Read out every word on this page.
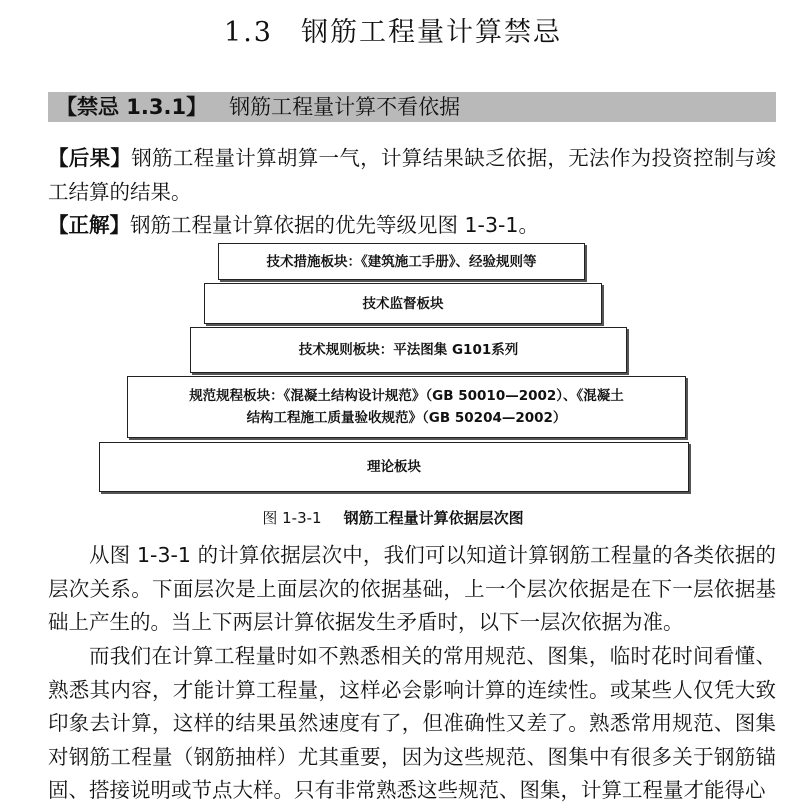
1.3 钢筋工程量计算禁忌
【禁忌 1.3.1】 钢筋工程量计算不看依据
【后果】钢筋工程量计算胡算一气，计算结果缺乏依据，无法作为投资控制与竣工结算的结果。
【正解】钢筋工程量计算依据的优先等级见图 1-3-1。
技术措施板块：《建筑施工手册》、经验规则等
技术监督板块
技术规则板块：平法图集 G101系列
规范规程板块：《混凝土结构设计规范》（GB 50010—2002）、《混凝土
结构工程施工质量验收规范》（GB 50204—2002）
理论板块
图 1-3-1 钢筋工程量计算依据层次图
从图 1-3-1 的计算依据层次中，我们可以知道计算钢筋工程量的各类依据的层次关系。下面层次是上面层次的依据基础，上一个层次依据是在下一层依据基础上产生的。当上下两层计算依据发生矛盾时，以下一层次依据为准。
而我们在计算工程量时如不熟悉相关的常用规范、图集，临时花时间看懂、熟悉其内容，才能计算工程量，这样必会影响计算的连续性。或某些人仅凭大致印象去计算，这样的结果虽然速度有了，但准确性又差了。熟悉常用规范、图集对钢筋工程量（钢筋抽样）尤其重要，因为这些规范、图集中有很多关于钢筋锚固、搭接说明或节点大样。只有非常熟悉这些规范、图集，计算工程量才能得心
